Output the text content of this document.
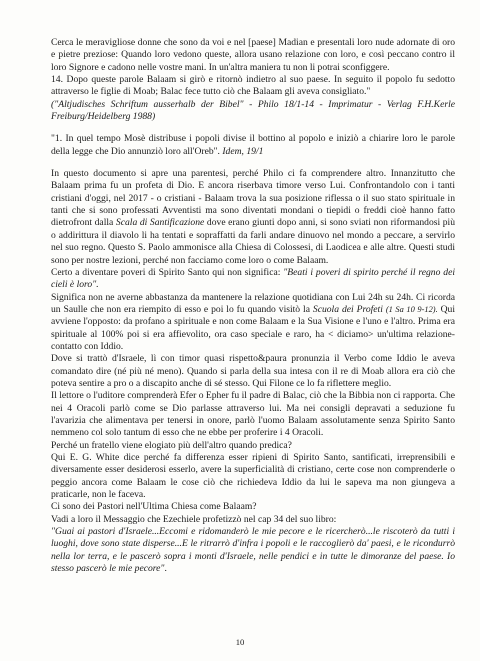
Cerca le meravigliose donne che sono da voi e nel [paese] Madian e presentali loro nude adornate di oro e pietre preziose: Quando loro vedono queste, allora usano relazione con loro, e così peccano contro il loro Signore e cadono nelle vostre mani. In un'altra maniera tu non li potrai sconfiggere.

14. Dopo queste parole Balaam si girò e ritornò indietro al suo paese. In seguito il popolo fu sedotto attraverso le figlie di Moab; Balac fece tutto ciò che Balaam gli aveva consigliato."

("Altjudisches Schriftum ausserhalb der Bibel" - Philo 18/1-14 - Imprimatur - Verlag F.H.Kerle Freiburg/Heidelberg 1988)

"1. In quel tempo Mosè distribuse i popoli divise il bottino al popolo e iniziò a chiarire loro le parole della legge che Dio annunziò loro all'Oreb". Idem, 19/1

In questo documento si apre una parentesi, perché Philo ci fa comprendere altro. Innanzitutto che Balaam prima fu un profeta di Dio. E ancora riserbava timore verso Lui. Confrontandolo con i tanti cristiani d'oggi, nel 2017 - o cristiani - Balaam trova la sua posizione riflessa o il suo stato spirituale in tanti che si sono professati Avventisti ma sono diventati mondani o tiepidi o freddi cioè hanno fatto dietrofront dalla Scala di Santificazione dove erano giunti dopo anni, si sono sviati non riformandosi più o addirittura il diavolo li ha tentati e sopraffatti da farli andare dinuovo nel mondo a peccare, a servirlo nel suo regno. Questo S. Paolo ammonisce alla Chiesa di Colossesi, di Laodicea e alle altre. Questi studi sono per nostre lezioni, perché non facciamo come loro o come Balaam.

Certo a diventare poveri di Spirito Santo qui non significa: "Beati i poveri di spirito perché il regno dei cieli è loro".

Significa non ne averne abbastanza da mantenere la relazione quotidiana con Lui 24h su 24h. Ci ricorda un Saulle che non era riempito di esso e poi lo fu quando visitò la Scuola dei Profeti (1 Sa 10 9-12). Qui avviene l'opposto: da profano a spirituale e non come Balaam e la Sua Visione e l'uno e l'altro. Prima era spirituale al 100% poi si era affievolito, ora caso speciale e raro, ha < diciamo> un'ultima relazione-contatto con Iddio.

Dove si trattò d'Israele, lì con timor quasi rispetto&paura pronunzia il Verbo come Iddio le aveva comandato dire (né più né meno). Quando si parla della sua intesa con il re di Moab allora era ciò che poteva sentire a pro o a discapito anche di sé stesso. Qui Filone ce lo fa riflettere meglio.

Il lettore o l'uditore comprenderà Efer o Epher fu il padre di Balac, ciò che la Bibbia non ci rapporta. Che nei 4 Oracoli parlò come se Dio parlasse attraverso lui. Ma nei consigli depravati a seduzione fu l'avarizia che alimentava per tenersi in onore, parlò l'uomo Balaam assolutamente senza Spirito Santo nemmeno col solo tantum di esso che ne ebbe per proferire i 4 Oracoli.

Perché un fratello viene elogiato più dell'altro quando predica?

Qui E. G. White dice perché fa differenza esser ripieni di Spirito Santo, santificati, irreprensibili e diversamente esser desiderosi esserlo, avere la superficialità di cristiano, certe cose non comprenderle o peggio ancora come Balaam le cose ciò che richiedeva Iddio da lui le sapeva ma non giungeva a praticarle, non le faceva.

Ci sono dei Pastori nell'Ultima Chiesa come Balaam?

Vadi a loro il Messaggio che Ezechiele profetizzò nel cap 34 del suo libro:

"Guai ai pastori d'Israele...Eccomi e ridomanderò le mie pecore e le ricercherò...le riscoterò da tutti i luoghi, dove sono state disperse...E le ritrarrò d'infra i popoli e le raccoglierò da' paesi, e le ricondurrò nella lor terra, e le pascerò sopra i monti d'Israele, nelle pendici e in tutte le dimoranze del paese. Io stesso pascerò le mie pecore".

10
